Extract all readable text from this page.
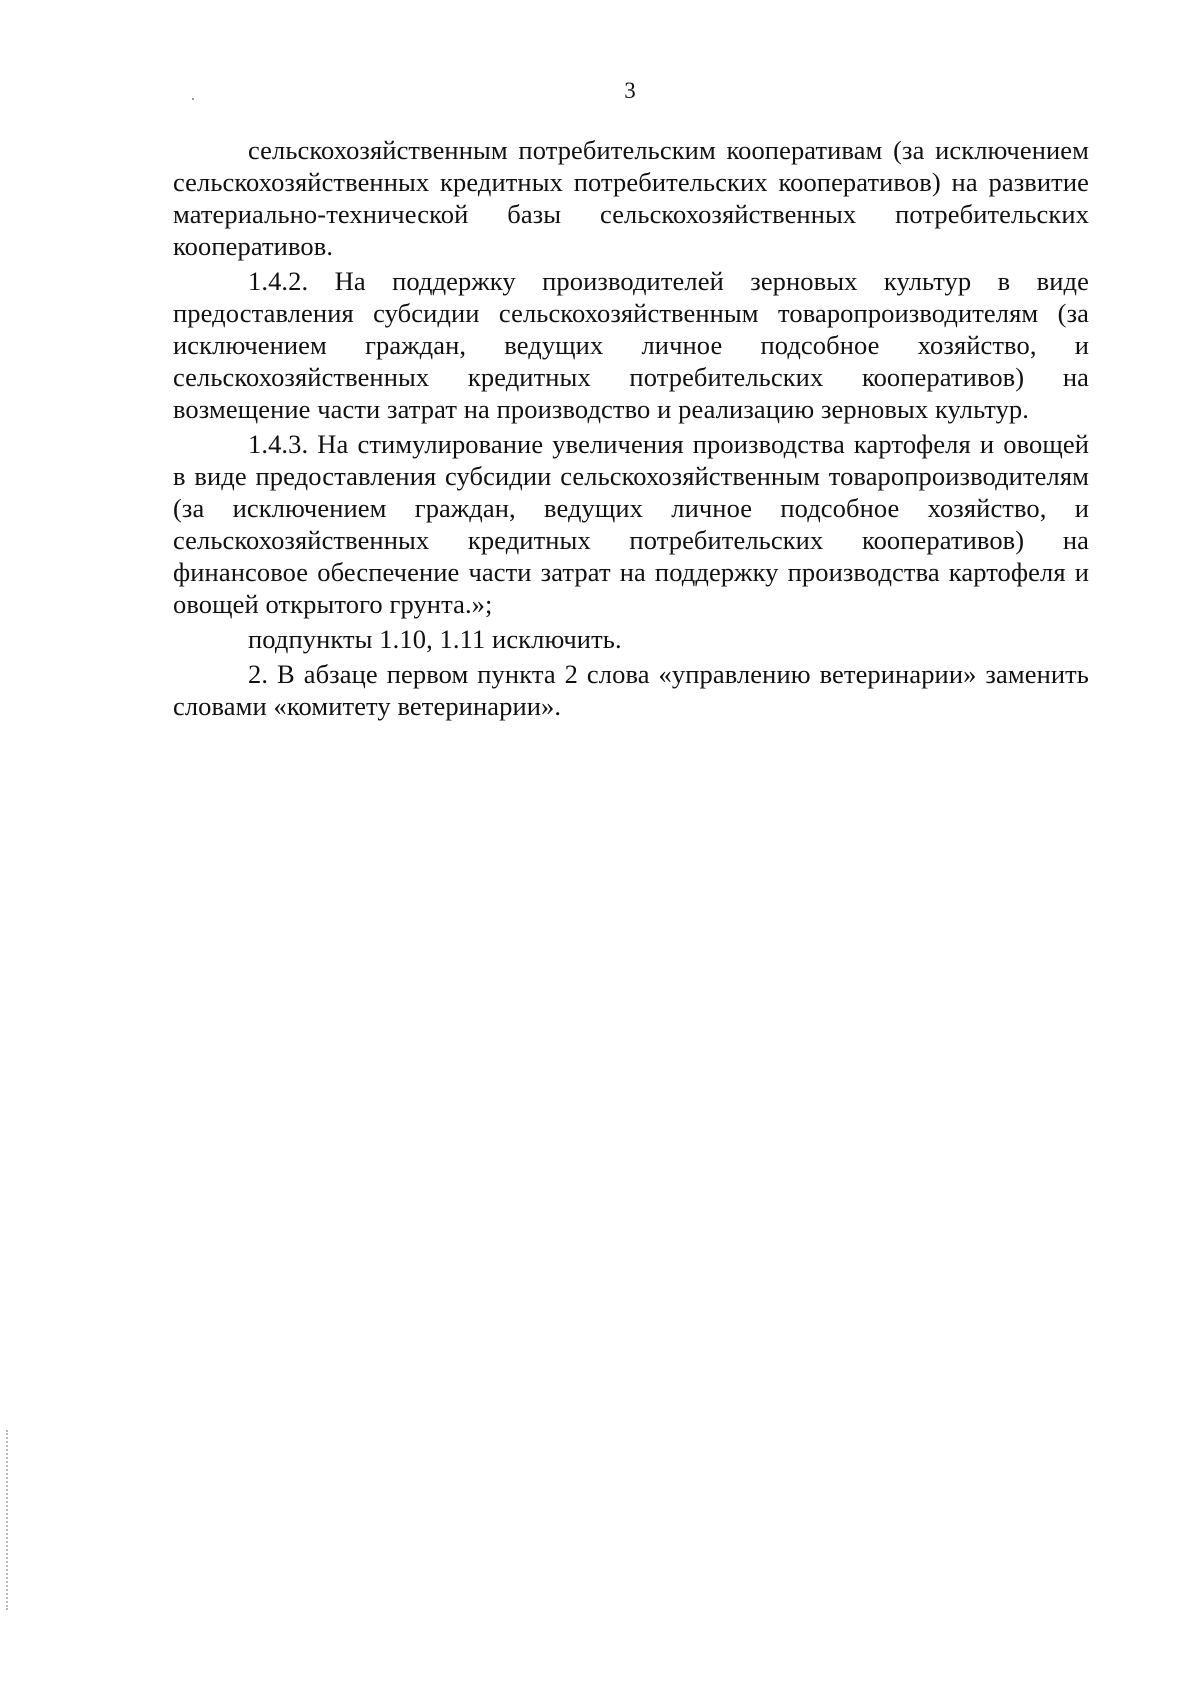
3

сельскохозяйственным потребительским кооперативам (за исключением сельскохозяйственных кредитных потребительских кооперативов) на развитие материально-технической базы сельскохозяйственных потребительских кооперативов.

1.4.2. На поддержку производителей зерновых культур в виде предоставления субсидии сельскохозяйственным товаропроизводителям (за исключением граждан, ведущих личное подсобное хозяйство, и сельскохозяйственных кредитных потребительских кооперативов) на возмещение части затрат на производство и реализацию зерновых культур.

1.4.3. На стимулирование увеличения производства картофеля и овощей в виде предоставления субсидии сельскохозяйственным товаропроизводителям (за исключением граждан, ведущих личное подсобное хозяйство, и сельскохозяйственных кредитных потребительских кооперативов) на финансовое обеспечение части затрат на поддержку производства картофеля и овощей открытого грунта.»;

подпункты 1.10, 1.11 исключить.

2. В абзаце первом пункта 2 слова «управлению ветеринарии» заменить словами «комитету ветеринарии».
